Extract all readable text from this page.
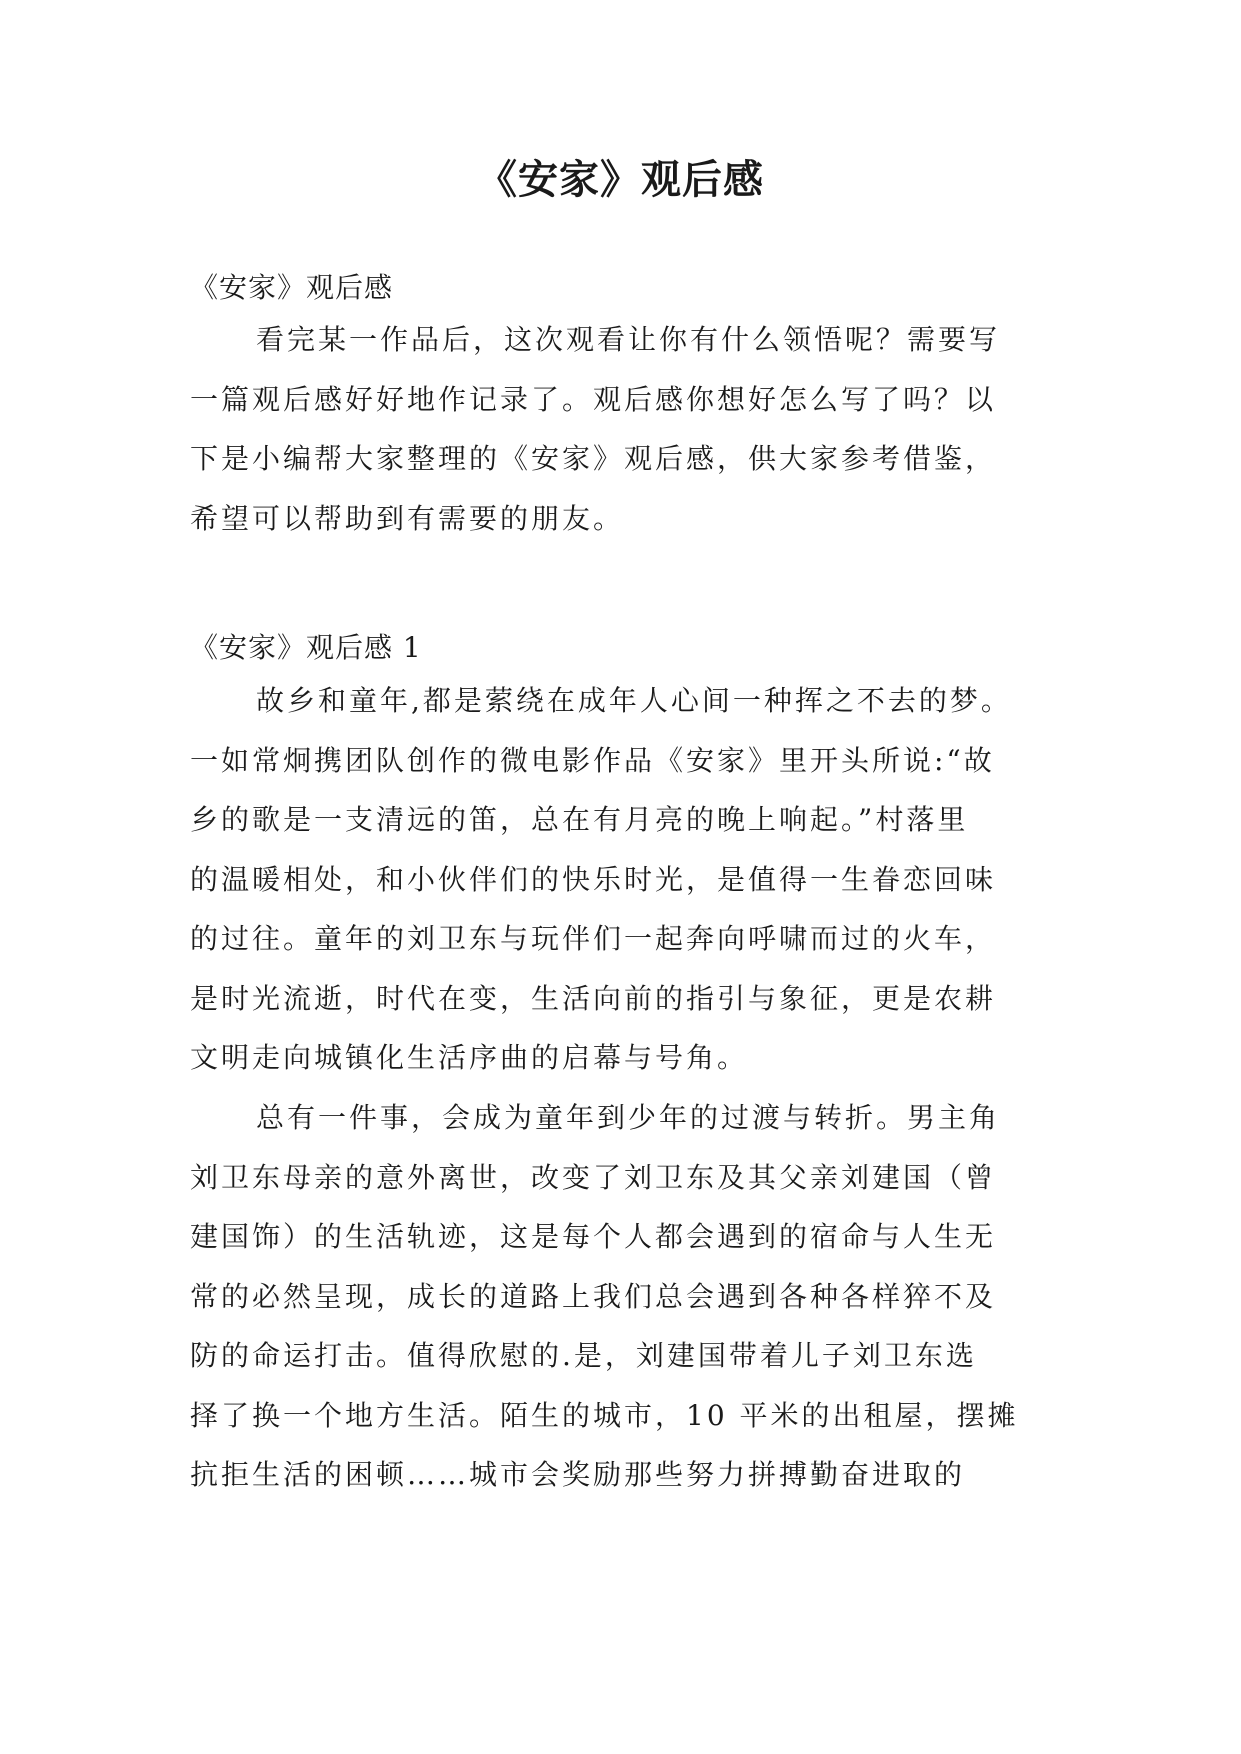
《安家》观后感
《安家》观后感
看完某一作品后，这次观看让你有什么领悟呢？需要写
一篇观后感好好地作记录了。观后感你想好怎么写了吗？以
下是小编帮大家整理的《安家》观后感，供大家参考借鉴，
希望可以帮助到有需要的朋友。
《安家》观后感 1
故乡和童年,都是萦绕在成年人心间一种挥之不去的梦。
一如常炯携团队创作的微电影作品《安家》里开头所说:“故
乡的歌是一支清远的笛，总在有月亮的晚上响起。”村落里
的温暖相处，和小伙伴们的快乐时光，是值得一生眷恋回味
的过往。童年的刘卫东与玩伴们一起奔向呼啸而过的火车，
是时光流逝，时代在变，生活向前的指引与象征，更是农耕
文明走向城镇化生活序曲的启幕与号角。
总有一件事，会成为童年到少年的过渡与转折。男主角
刘卫东母亲的意外离世，改变了刘卫东及其父亲刘建国（曾
建国饰）的生活轨迹，这是每个人都会遇到的宿命与人生无
常的必然呈现，成长的道路上我们总会遇到各种各样猝不及
防的命运打击。值得欣慰的.是，刘建国带着儿子刘卫东选
择了换一个地方生活。陌生的城市，10 平米的出租屋，摆摊
抗拒生活的困顿……城市会奖励那些努力拼搏勤奋进取的
